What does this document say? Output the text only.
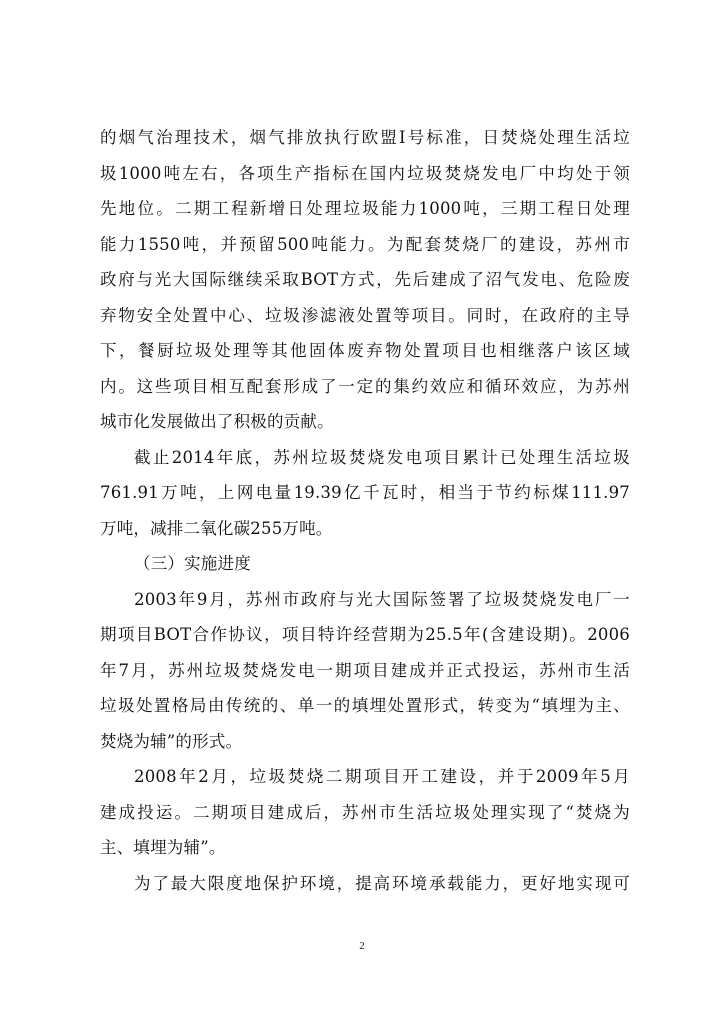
的烟气治理技术，烟气排放执行欧盟Ⅰ号标准，日焚烧处理生活垃
圾1000吨左右，各项生产指标在国内垃圾焚烧发电厂中均处于领
先地位。二期工程新增日处理垃圾能力1000吨，三期工程日处理
能力1550吨，并预留500吨能力。为配套焚烧厂的建设，苏州市
政府与光大国际继续采取BOT方式，先后建成了沼气发电、危险废
弃物安全处置中心、垃圾渗滤液处置等项目。同时，在政府的主导
下，餐厨垃圾处理等其他固体废弃物处置项目也相继落户该区域
内。这些项目相互配套形成了一定的集约效应和循环效应，为苏州
城市化发展做出了积极的贡献。
截止2014年底，苏州垃圾焚烧发电项目累计已处理生活垃圾
761.91万吨，上网电量19.39亿千瓦时，相当于节约标煤111.97
万吨，减排二氧化碳255万吨。
（三）实施进度
2003年9月，苏州市政府与光大国际签署了垃圾焚烧发电厂一
期项目BOT合作协议，项目特许经营期为25.5年(含建设期)。2006
年7月，苏州垃圾焚烧发电一期项目建成并正式投运，苏州市生活
垃圾处置格局由传统的、单一的填埋处置形式，转变为“填埋为主、
焚烧为辅”的形式。
2008年2月，垃圾焚烧二期项目开工建设，并于2009年5月
建成投运。二期项目建成后，苏州市生活垃圾处理实现了“焚烧为
主、填埋为辅”。
为了最大限度地保护环境，提高环境承载能力，更好地实现可
2
